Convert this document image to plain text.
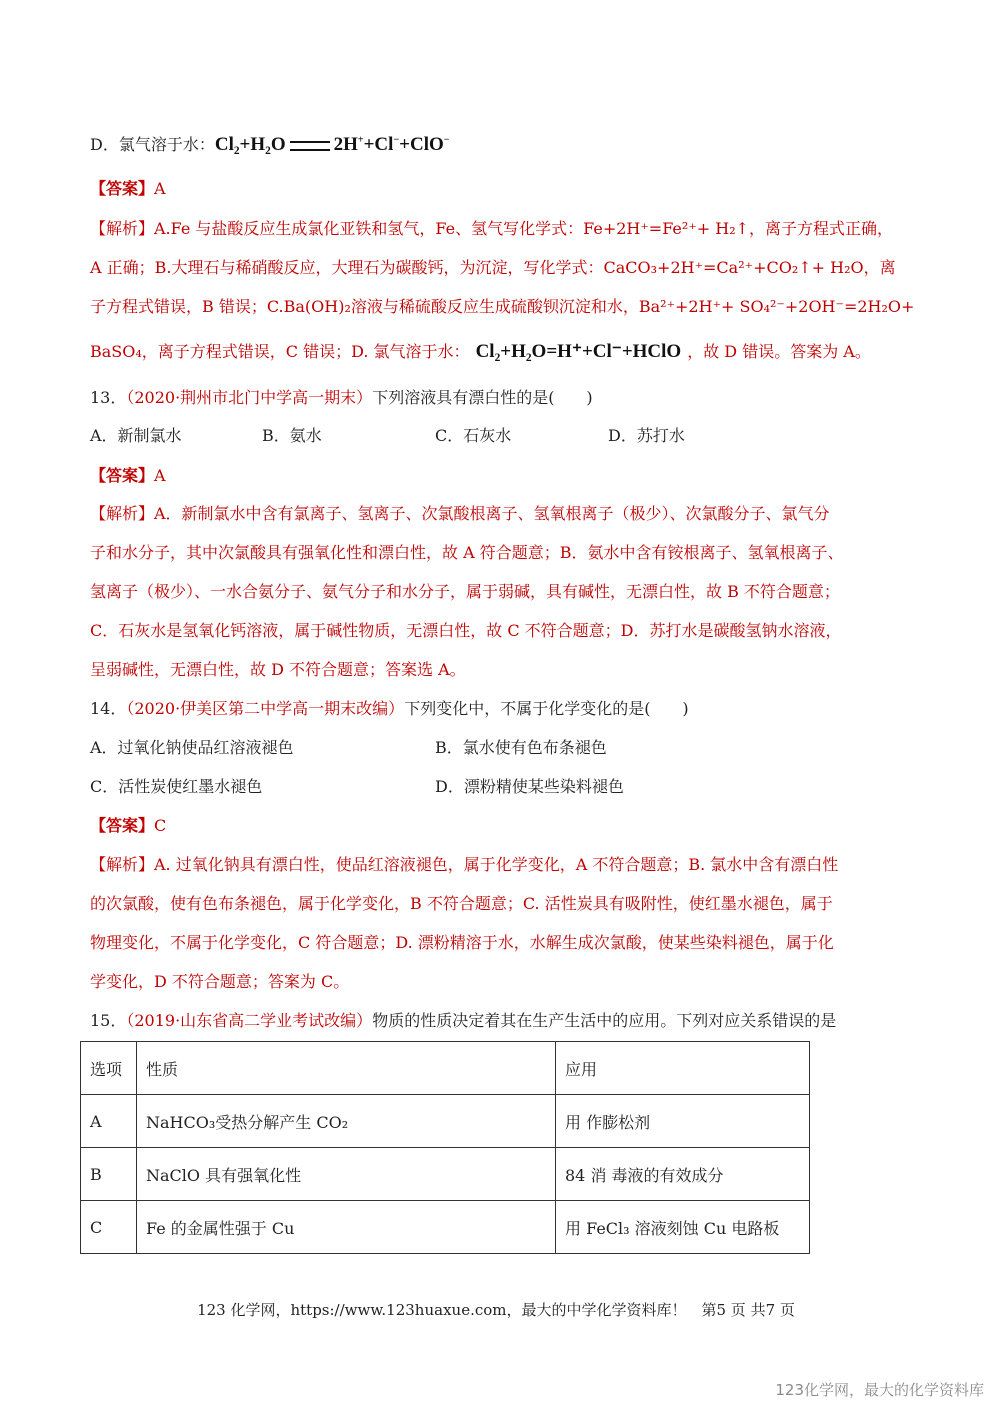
D．氯气溶于水：Cl₂+H₂O	2H++Cl−+ClO−
【答案】A
【解析】A.Fe 与盐酸反应生成氯化亚铁和氢气，Fe、氢气写化学式：Fe+2H⁺=Fe²⁺+ H₂↑，离子方程式正确，
A 正确；B.大理石与稀硝酸反应，大理石为碳酸钙，为沉淀，写化学式：CaCO₃+2H⁺=Ca²⁺+CO₂↑+ H₂O，离
子方程式错误，B 错误；C.Ba(OH)₂溶液与稀硫酸反应生成硫酸钡沉淀和水，Ba²⁺+2H⁺+ SO₄²⁻+2OH⁻=2H₂O+
BaSO₄，离子方程式错误，C 错误；D. 氯气溶于水： Cl₂+H₂O=H⁺+Cl⁻+HClO ，故 D 错误。答案为 A。
13．（2020·荆州市北门中学高一期末）下列溶液具有漂白性的是(　　)
A．新制氯水	B．氨水	C．石灰水	D．苏打水
【答案】A
【解析】A．新制氯水中含有氯离子、氢离子、次氯酸根离子、氢氧根离子（极少）、次氯酸分子、氯气分
子和水分子，其中次氯酸具有强氧化性和漂白性，故 A 符合题意；B．氨水中含有铵根离子、氢氧根离子、
氢离子（极少）、一水合氨分子、氨气分子和水分子，属于弱碱，具有碱性，无漂白性，故 B 不符合题意；
C．石灰水是氢氧化钙溶液，属于碱性物质，无漂白性，故 C 不符合题意；D．苏打水是碳酸氢钠水溶液，
呈弱碱性，无漂白性，故 D 不符合题意；答案选 A。
14．（2020·伊美区第二中学高一期末改编）下列变化中，不属于化学变化的是(　　)
A．过氧化钠使品红溶液褪色	B．氯水使有色布条褪色
C．活性炭使红墨水褪色	D．漂粉精使某些染料褪色
【答案】C
【解析】A. 过氧化钠具有漂白性，使品红溶液褪色，属于化学变化，A 不符合题意；B. 氯水中含有漂白性
的次氯酸，使有色布条褪色，属于化学变化，B 不符合题意；C. 活性炭具有吸附性，使红墨水褪色，属于
物理变化，不属于化学变化，C 符合题意；D. 漂粉精溶于水，水解生成次氯酸，使某些染料褪色，属于化
学变化，D 不符合题意；答案为 C。
15．（2019·山东省高二学业考试改编）物质的性质决定着其在生产生活中的应用。下列对应关系错误的是
选项	性质	应用
A	NaHCO₃受热分解产生 CO₂	用 作膨松剂
B	NaClO 具有强氧化性	84 消 毒液的有效成分
C	Fe 的金属性强于 Cu	用 FeCl₃ 溶液刻蚀 Cu 电路板
123 化学网，https://www.123huaxue.com，最大的中学化学资料库！　第5 页 共7 页
123化学网，最大的化学资料库
